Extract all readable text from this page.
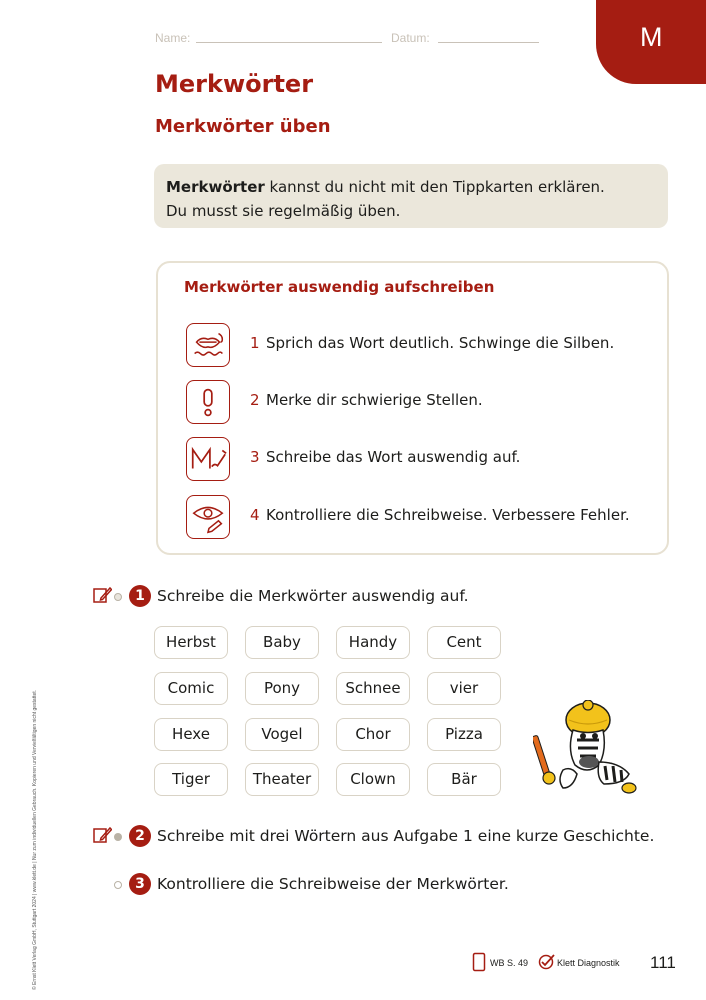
M
Name:	Datum:
Merkwörter
Merkwörter üben
Merkwörter kannst du nicht mit den Tippkarten erklären.
Du musst sie regelmäßig üben.
Merkwörter auswendig aufschreiben
1 Sprich das Wort deutlich. Schwinge die Silben.
2 Merke dir schwierige Stellen.
3 Schreibe das Wort auswendig auf.
4 Kontrolliere die Schreibweise. Verbessere Fehler.
1 Schreibe die Merkwörter auswendig auf.
Herbst	Baby	Handy	Cent
Comic	Pony	Schnee	vier
Hexe	Vogel	Chor	Pizza
Tiger	Theater	Clown	Bär
2 Schreibe mit drei Wörtern aus Aufgabe 1 eine kurze Geschichte.
3 Kontrolliere die Schreibweise der Merkwörter.
© Ernst Klett Verlag GmbH, Stuttgart 2024 | www.klett.de | Nur zum individuellen Gebrauch. Kopieren und Vervielfältigen nicht gestattet.	WB S. 49	Klett Diagnostik 111
